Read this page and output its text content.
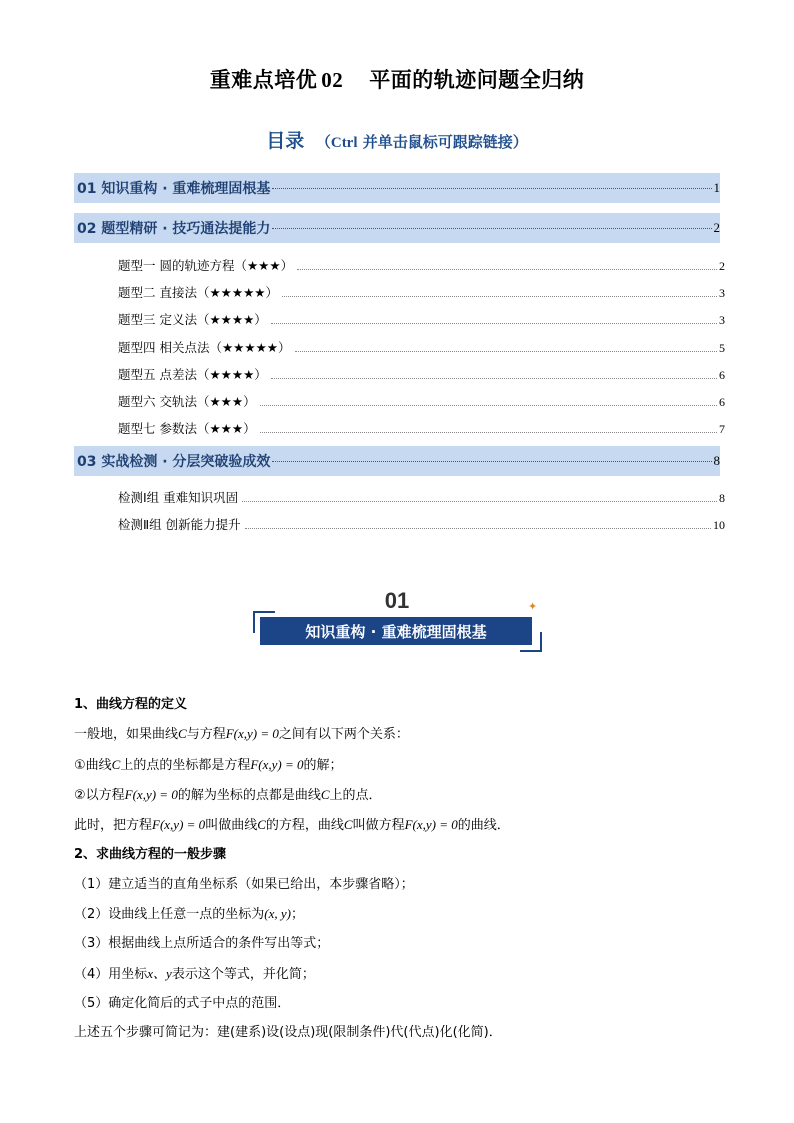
重难点培优 02 平面的轨迹问题全归纳
目录 （Ctrl 并单击鼠标可跟踪链接）
01 知识重构 · 重难梳理固根基	1
02 题型精研 · 技巧通法提能力	2
题型一 圆的轨迹方程（★★★）	2
题型二 直接法（★★★★★）	3
题型三 定义法（★★★★）	3
题型四 相关点法（★★★★★）	5
题型五 点差法（★★★★）	6
题型六 交轨法（★★★）	6
题型七 参数法（★★★）	7
03 实战检测 · 分层突破验成效	8
检测Ⅰ组 重难知识巩固	8
检测Ⅱ组 创新能力提升	10
01	✦
知识重构 · 重难梳理固根基
1、曲线方程的定义
一般地，如果曲线C与方程F(x,y) = 0之间有以下两个关系：
①曲线C上的点的坐标都是方程F(x,y) = 0的解；
②以方程F(x,y) = 0的解为坐标的点都是曲线C上的点．
此时，把方程F(x,y) = 0叫做曲线C的方程，曲线C叫做方程F(x,y) = 0的曲线．
2、求曲线方程的一般步骤
（1）建立适当的直角坐标系（如果已给出，本步骤省略）；
（2）设曲线上任意一点的坐标为(x, y)；
（3）根据曲线上点所适合的条件写出等式；
（4）用坐标x、y表示这个等式，并化简；
（5）确定化简后的式子中点的范围．
上述五个步骤可简记为：建(建系)设(设点)现(限制条件)代(代点)化(化简)．
